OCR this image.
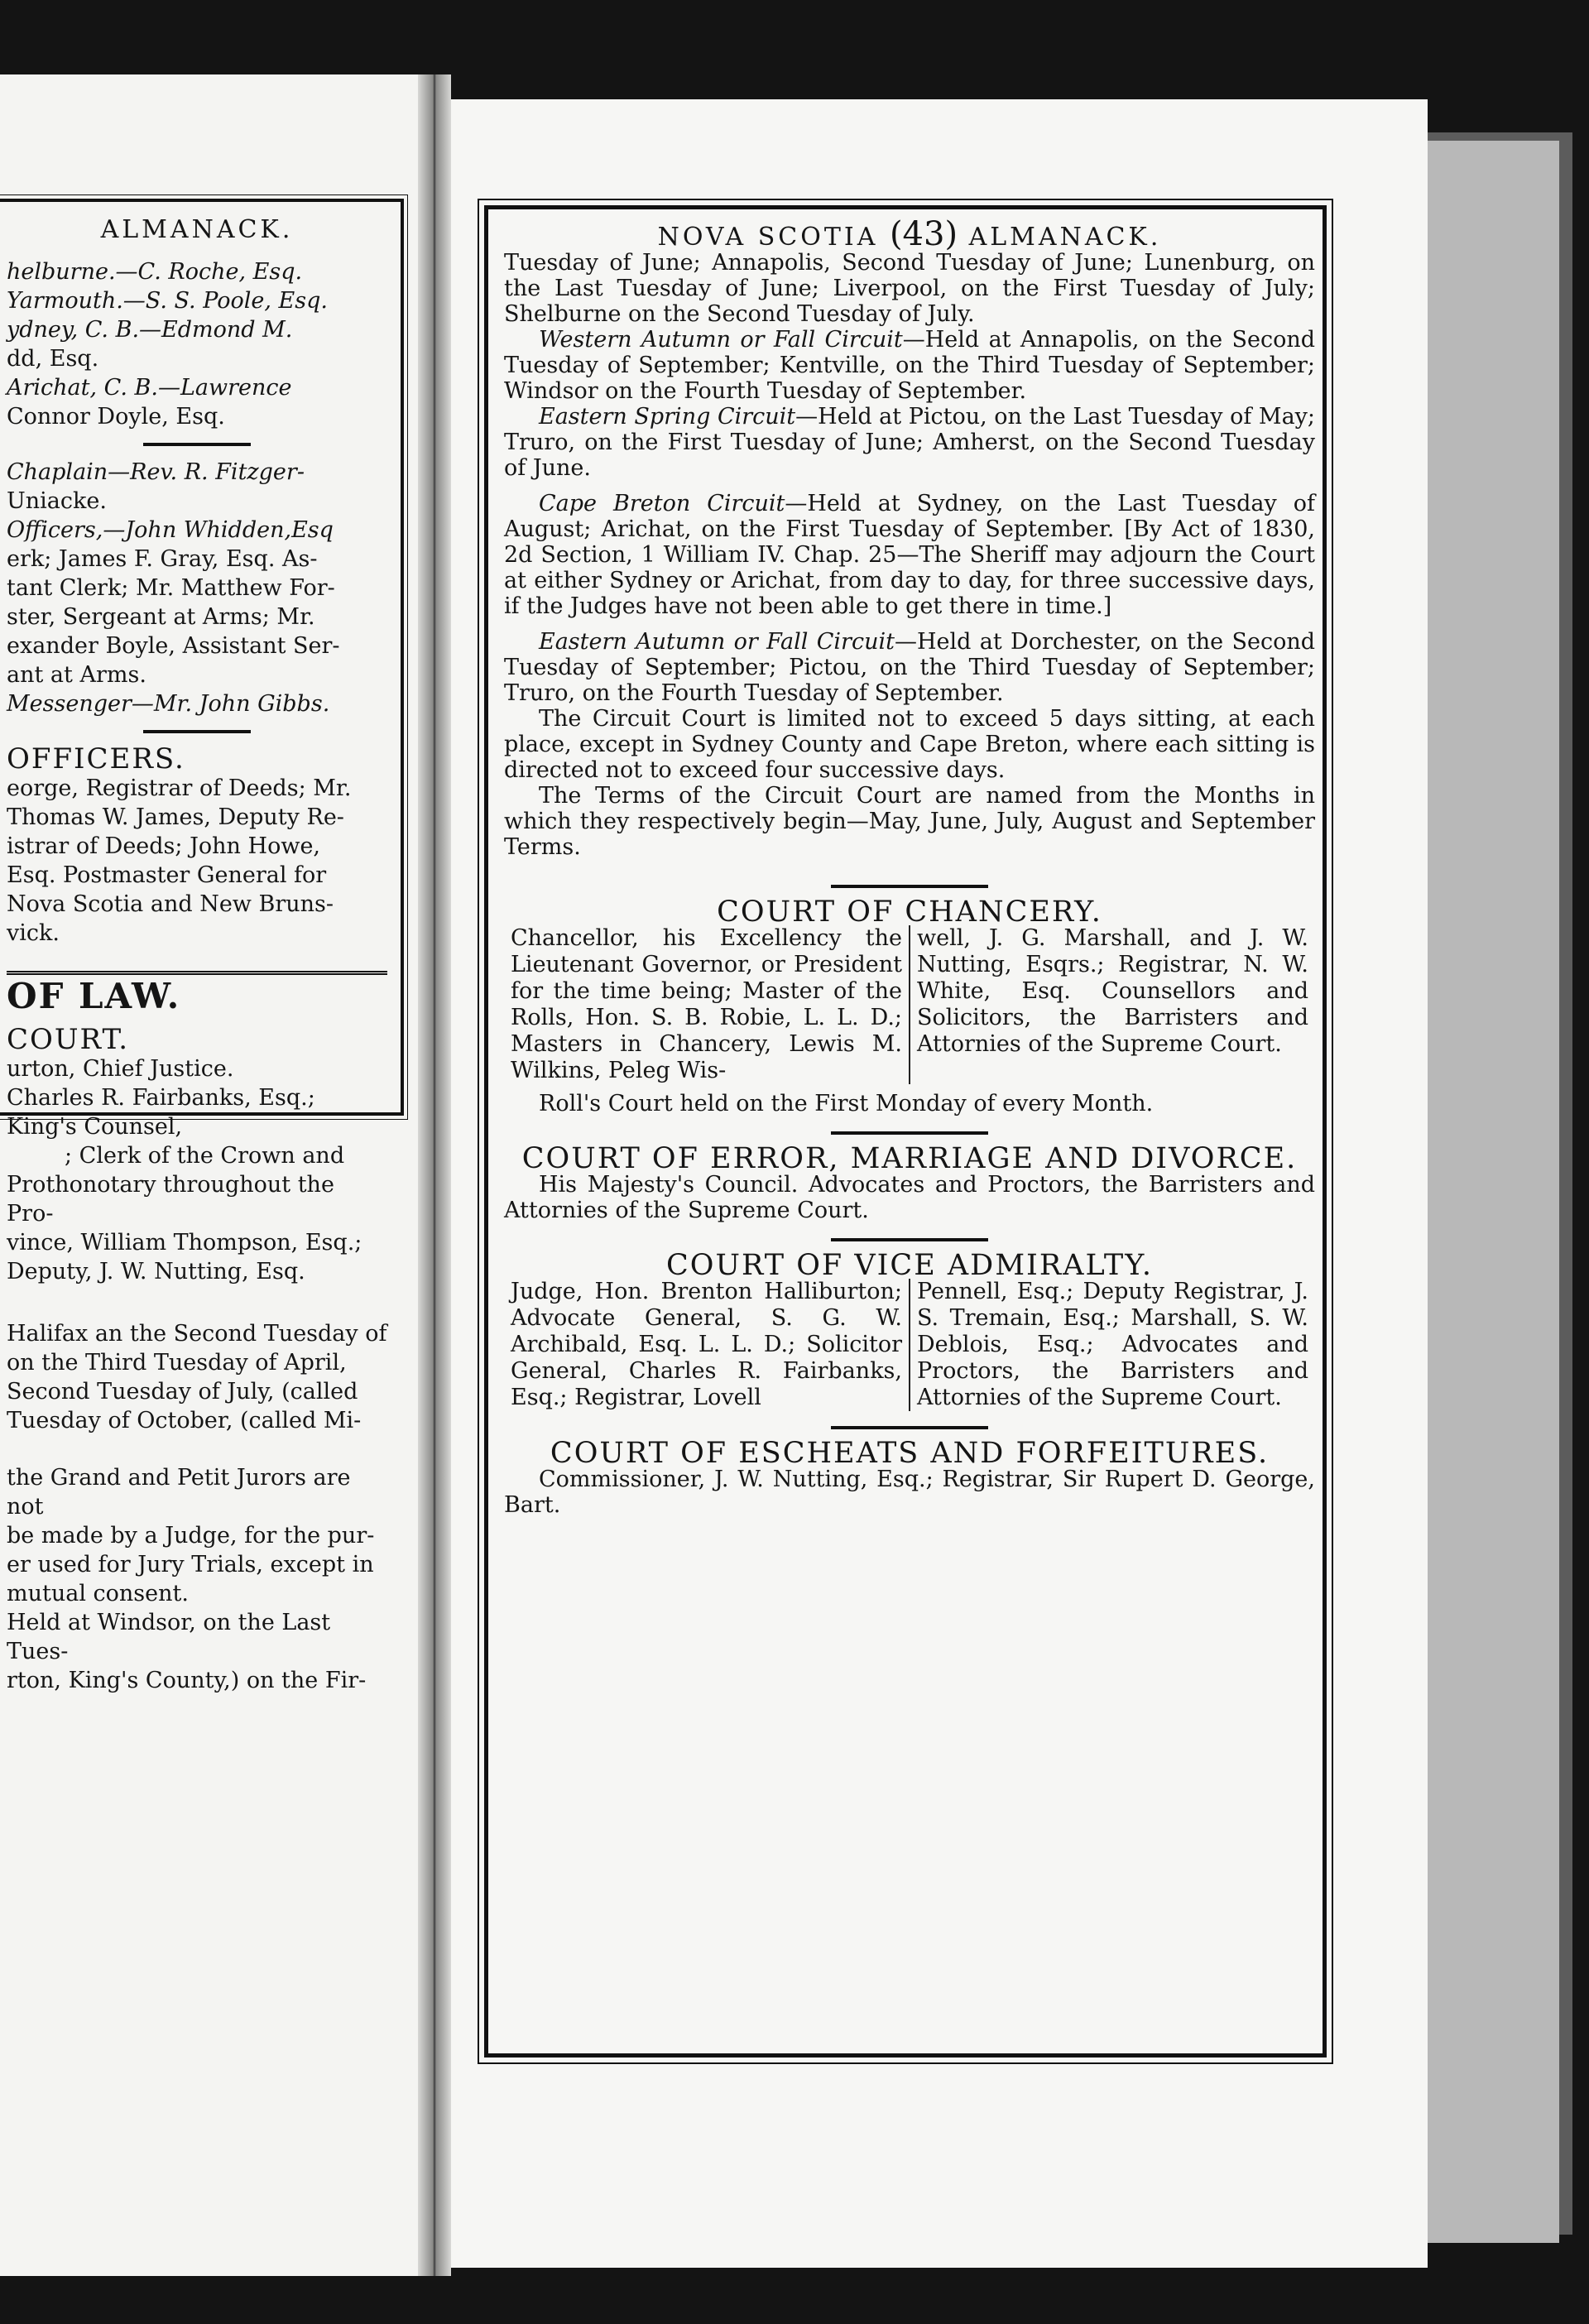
ALMANACK.

helburne.—C. Roche, Esq.

Yarmouth.—S. S. Poole, Esq.

ydney, C. B.—Edmond M.

dd, Esq.

Arichat, C. B.—Lawrence

Connor Doyle, Esq.

Chaplain—Rev. R. Fitzger-

Uniacke.

Officers,—John Whidden,Esq

erk; James F. Gray, Esq. As-

tant Clerk; Mr. Matthew For-

ster, Sergeant at Arms; Mr.

exander Boyle, Assistant Ser-

ant at Arms.

Messenger—Mr. John Gibbs.

OFFICERS.

eorge, Registrar of Deeds; Mr.

Thomas W. James, Deputy Re-

istrar of Deeds; John Howe,

Esq. Postmaster General for

Nova Scotia and New Bruns-

vick.

OF LAW.

COURT.

urton, Chief Justice.

Charles R. Fairbanks, Esq.;

King's Counsel,

; Clerk of the Crown and

Prothonotary throughout the Pro-

vince, William Thompson, Esq.;

Deputy, J. W. Nutting, Esq.

Halifax an the Second Tuesday of

on the Third Tuesday of April,

Second Tuesday of July, (called

Tuesday of October, (called Mi-

the Grand and Petit Jurors are not

be made by a Judge, for the pur-

er used for Jury Trials, except in

mutual consent.

Held at Windsor, on the Last Tues-

rton, King's County,) on the Fir-

NOVA SCOTIA (43) ALMANACK.

Tuesday of June; Annapolis, Second Tuesday of June; Lunenburg, on the Last Tuesday of June; Liverpool, on the First Tuesday of July; Shelburne on the Second Tuesday of July.

Western Autumn or Fall Circuit—Held at Annapolis, on the Second Tuesday of September; Kentville, on the Third Tuesday of September; Windsor on the Fourth Tuesday of September.

Eastern Spring Circuit—Held at Pictou, on the Last Tuesday of May; Truro, on the First Tuesday of June; Amherst, on the Second Tuesday of June.

Cape Breton Circuit—Held at Sydney, on the Last Tuesday of August; Arichat, on the First Tuesday of September. [By Act of 1830, 2d Section, 1 William IV. Chap. 25—The Sheriff may adjourn the Court at either Sydney or Arichat, from day to day, for three successive days, if the Judges have not been able to get there in time.]

Eastern Autumn or Fall Circuit—Held at Dorchester, on the Second Tuesday of September; Pictou, on the Third Tuesday of September; Truro, on the Fourth Tuesday of September.

The Circuit Court is limited not to exceed 5 days sitting, at each place, except in Sydney County and Cape Breton, where each sitting is directed not to exceed four successive days.

The Terms of the Circuit Court are named from the Months in which they respectively begin—May, June, July, August and September Terms.

COURT OF CHANCERY.

Chancellor, his Excellency the Lieutenant Governor, or President for the time being; Master of the Rolls, Hon. S. B. Robie, L. L. D.; Masters in Chancery, Lewis M. Wilkins, Peleg Wis-

well, J. G. Marshall, and J. W. Nutting, Esqrs.; Registrar, N. W. White, Esq. Counsellors and Solicitors, the Barristers and Attornies of the Supreme Court.

Roll's Court held on the First Monday of every Month.

COURT OF ERROR, MARRIAGE AND DIVORCE.

His Majesty's Council. Advocates and Proctors, the Barristers and Attornies of the Supreme Court.

COURT OF VICE ADMIRALTY.

Judge, Hon. Brenton Halliburton; Advocate General, S. G. W. Archibald, Esq. L. L. D.; Solicitor General, Charles R. Fairbanks, Esq.; Registrar, Lovell

Pennell, Esq.; Deputy Registrar, J. S. Tremain, Esq.; Marshall, S. W. Deblois, Esq.; Advocates and Proctors, the Barristers and Attornies of the Supreme Court.

COURT OF ESCHEATS AND FORFEITURES.

Commissioner, J. W. Nutting, Esq.; Registrar, Sir Rupert D. George, Bart.
